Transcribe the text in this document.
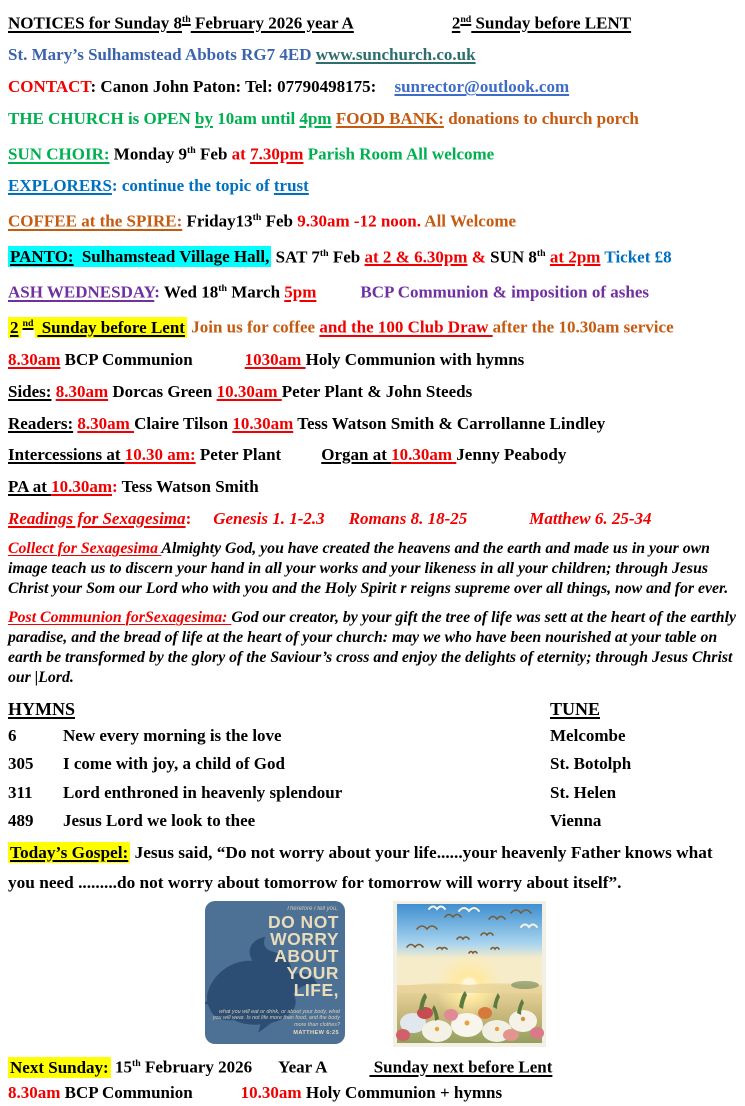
NOTICES for Sunday 8th February 2026 year A	2nd Sunday before LENT
St. Mary’s Sulhamstead Abbots RG7 4ED www.sunchurch.co.uk
CONTACT: Canon John Paton: Tel: 07790498175: sunrector@outlook.com
THE CHURCH is OPEN by 10am until 4pm FOOD BANK: donations to church porch
SUN CHOIR: Monday 9th Feb at 7.30pm Parish Room All welcome
EXPLORERS: continue the topic of trust
COFFEE at the SPIRE: Friday13th Feb 9.30am -12 noon. All Welcome
PANTO: Sulhamstead Village Hall, SAT 7th Feb at 2 & 6.30pm & SUN 8th at 2pm Ticket £8
ASH WEDNESDAY: Wed 18th March 5pm	BCP Communion & imposition of ashes
2 $^{nd}$ Sunday before Lent Join us for coffee and the 100 Club Draw after the 10.30am service
8.30am BCP Communion	1030am Holy Communion with hymns
Sides: 8.30am Dorcas Green 10.30am Peter Plant & John Steeds
Readers: 8.30am Claire Tilson 10.30am Tess Watson Smith & Carrollanne Lindley
Intercessions at 10.30 am: Peter Plant Organ at 10.30am Jenny Peabody
PA at 10.30am: Tess Watson Smith
Readings for Sexagesima: Genesis 1. 1-2.3 Romans 8. 18-25	Matthew 6. 25-34
Collect for Sexagesima Almighty God, you have created the heavens and the earth and made us in your own image teach us to discern your hand in all your works and your likeness in all your children; through Jesus Christ your Som our Lord who with you and the Holy Spirit r reigns supreme over all things, now and for ever.
Post Communion forSexagesima: God our creator, by your gift the tree of life was sett at the heart of the earthly paradise, and the bread of life at the heart of your church: may we who have been nourished at your table on earth be transformed by the glory of the Saviour’s cross and enjoy the delights of eternity; through Jesus Christ our |Lord.
HYMNS	TUNE
6	New every morning is the love	Melcombe
305	I come with joy, a child of God	St. Botolph
311	Lord enthroned in heavenly splendour	St. Helen
489	Jesus Lord we look to thee	Vienna
Today’s Gospel: Jesus said, “Do not worry about your life......your heavenly Father knows what you need .........do not worry about tomorrow for tomorrow will worry about itself”.
Therefore I tell you,
DO NOT
WORRY
ABOUT
YOUR
LIFE,
what you will eat or drink, or about your body, what you will wear. Is not life more than food, and the body more than clothes?
MATTHEW 6:25
Next Sunday: 15th February 2026 Year A Sunday next before Lent
8.30am BCP Communion	10.30am Holy Communion + hymns
